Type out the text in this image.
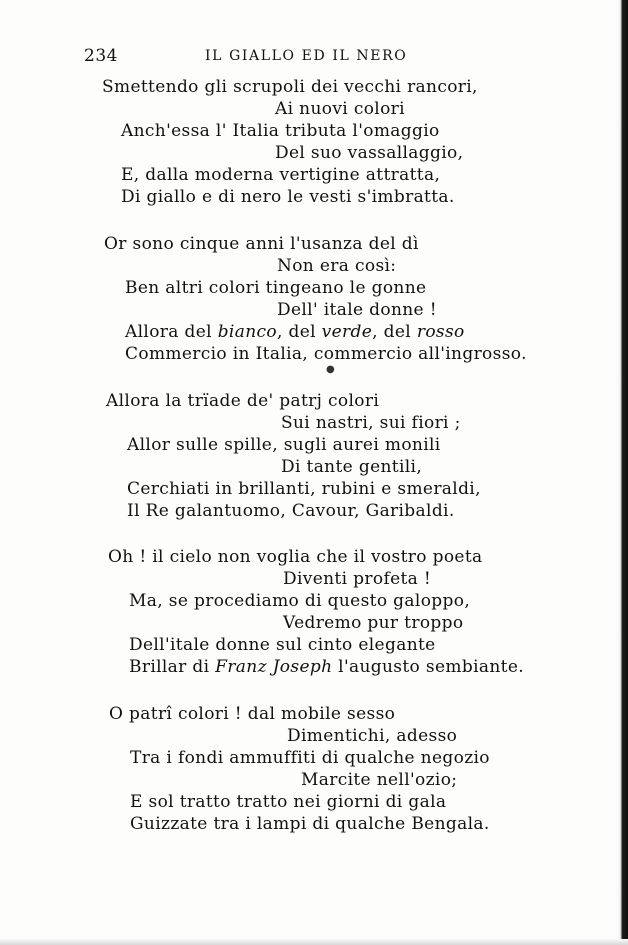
234	IL GIALLO ED IL NERO
Smettendo gli scrupoli dei vecchi rancori,
Ai nuovi colori
Anch'essa l' Italia tributa l'omaggio
Del suo vassallaggio,
E, dalla moderna vertigine attratta,
Di giallo e di nero le vesti s'imbratta.
Or sono cinque anni l'usanza del dì
Non era così:
Ben altri colori tingeano le gonne
Dell' itale donne !
Allora del bianco, del verde, del rosso
Commercio in Italia, commercio all'ingrosso.
●
Allora la trïade de' patrj colori
Sui nastri, sui fiori ;
Allor sulle spille, sugli aurei monili
Di tante gentili,
Cerchiati in brillanti, rubini e smeraldi,
Il Re galantuomo, Cavour, Garibaldi.
Oh ! il cielo non voglia che il vostro poeta
Diventi profeta !
Ma, se procediamo di questo galoppo,
Vedremo pur troppo
Dell'itale donne sul cinto elegante
Brillar di Franz Joseph l'augusto sembiante.
O patrî colori ! dal mobile sesso
Dimentichi, adesso
Tra i fondi ammuffiti di qualche negozio
Marcite nell'ozio;
E sol tratto tratto nei giorni di gala
Guizzate tra i lampi di qualche Bengala.
